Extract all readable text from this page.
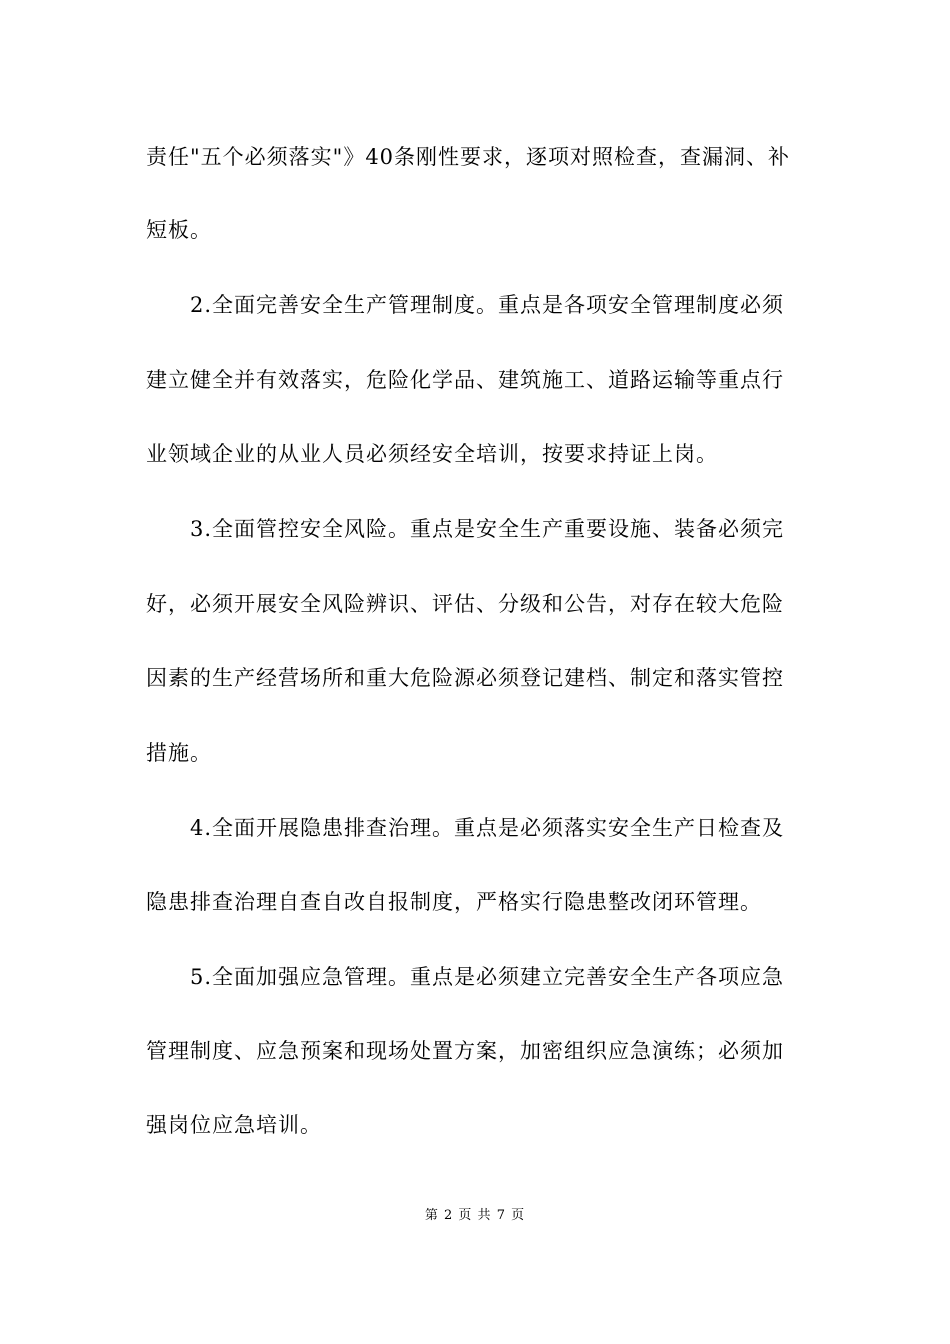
责任"五个必须落实"》40条刚性要求，逐项对照检查，查漏洞、补
短板。
2.全面完善安全生产管理制度。重点是各项安全管理制度必须
建立健全并有效落实，危险化学品、建筑施工、道路运输等重点行
业领域企业的从业人员必须经安全培训，按要求持证上岗。
3.全面管控安全风险。重点是安全生产重要设施、装备必须完
好，必须开展安全风险辨识、评估、分级和公告，对存在较大危险
因素的生产经营场所和重大危险源必须登记建档、制定和落实管控
措施。
4.全面开展隐患排查治理。重点是必须落实安全生产日检查及
隐患排查治理自查自改自报制度，严格实行隐患整改闭环管理。
5.全面加强应急管理。重点是必须建立完善安全生产各项应急
管理制度、应急预案和现场处置方案，加密组织应急演练；必须加
强岗位应急培训。
第 2 页 共 7 页
